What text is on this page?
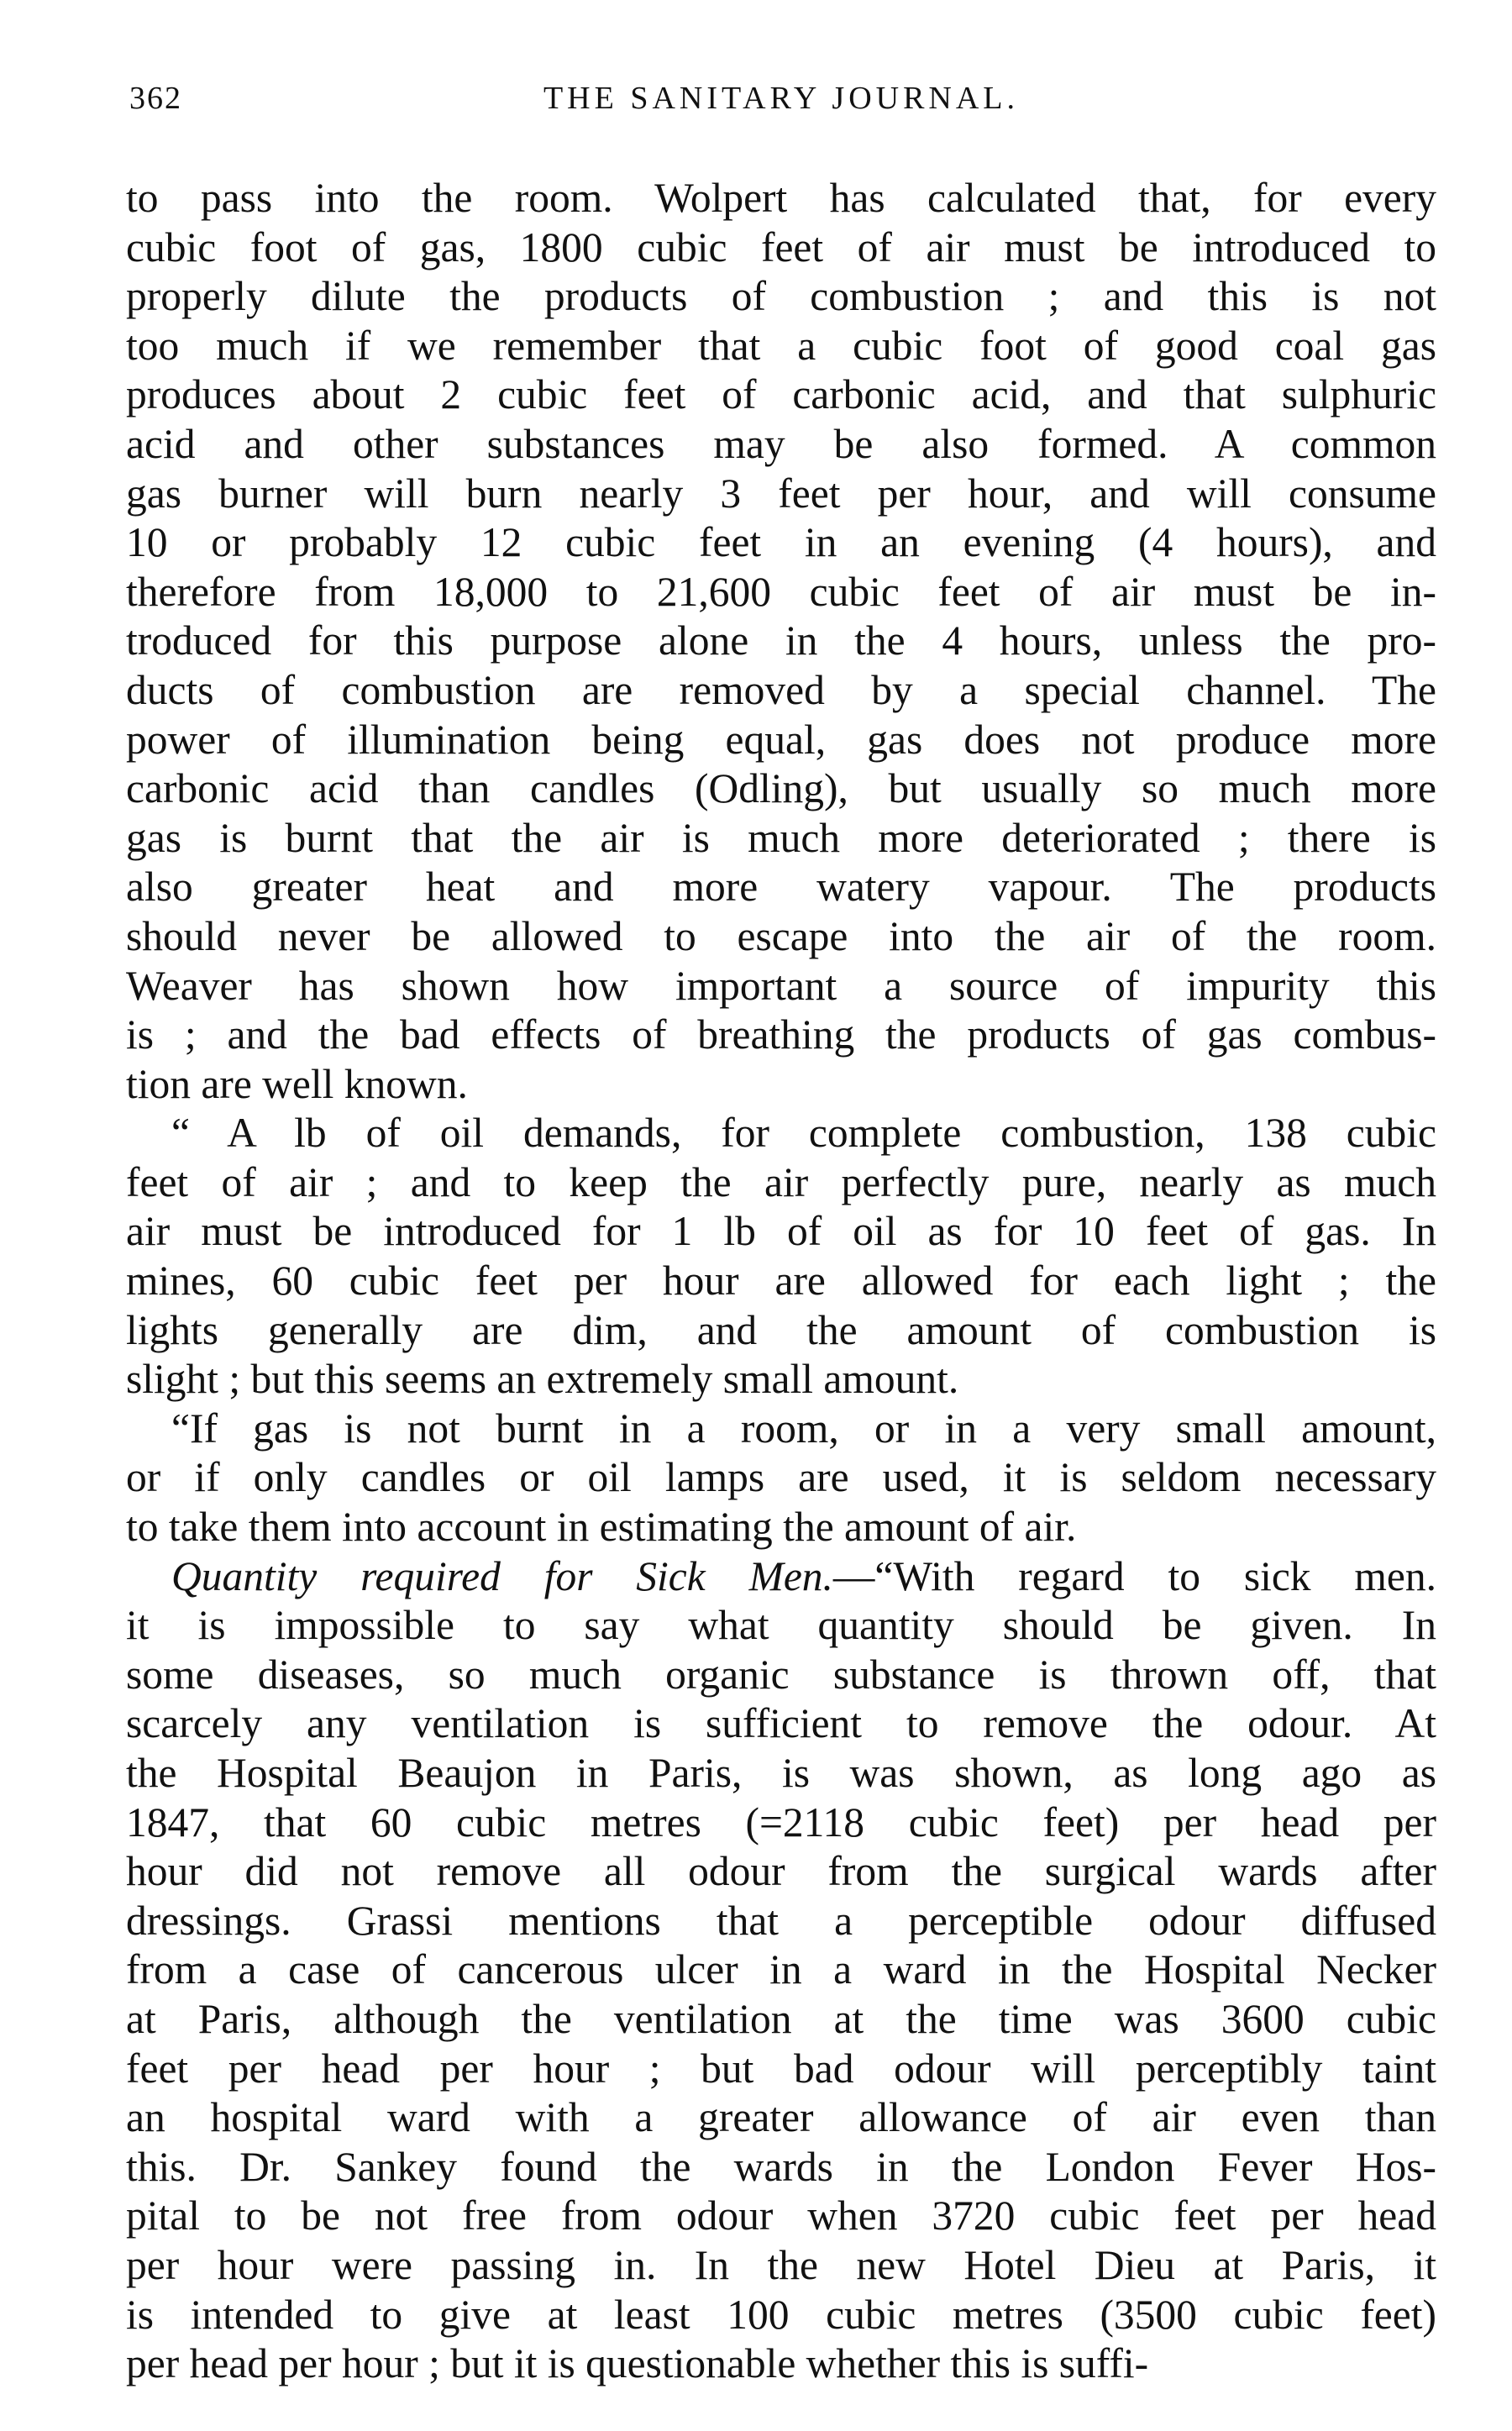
362	THE SANITARY JOURNAL.
to pass into the room. Wolpert has calculated that, for every
cubic foot of gas, 1800 cubic feet of air must be introduced to
properly dilute the products of combustion ; and this is not
too much if we remember that a cubic foot of good coal gas
produces about 2 cubic feet of carbonic acid, and that sulphuric
acid and other substances may be also formed. A common
gas burner will burn nearly 3 feet per hour, and will consume
10 or probably 12 cubic feet in an evening (4 hours), and
therefore from 18,000 to 21,600 cubic feet of air must be in-
troduced for this purpose alone in the 4 hours, unless the pro-
ducts of combustion are removed by a special channel. The
power of illumination being equal, gas does not produce more
carbonic acid than candles (Odling), but usually so much more
gas is burnt that the air is much more deteriorated ; there is
also greater heat and more watery vapour. The products
should never be allowed to escape into the air of the room.
Weaver has shown how important a source of impurity this
is ; and the bad effects of breathing the products of gas combus-
tion are well known.
“ A lb of oil demands, for complete combustion, 138 cubic
feet of air ; and to keep the air perfectly pure, nearly as much
air must be introduced for 1 lb of oil as for 10 feet of gas. In
mines, 60 cubic feet per hour are allowed for each light ; the
lights generally are dim, and the amount of combustion is
slight ; but this seems an extremely small amount.
“If gas is not burnt in a room, or in a very small amount,
or if only candles or oil lamps are used, it is seldom necessary
to take them into account in estimating the amount of air.
Quantity required for Sick Men.—“With regard to sick men.
it is impossible to say what quantity should be given. In
some diseases, so much organic substance is thrown off, that
scarcely any ventilation is sufficient to remove the odour. At
the Hospital Beaujon in Paris, is was shown, as long ago as
1847, that 60 cubic metres (=2118 cubic feet) per head per
hour did not remove all odour from the surgical wards after
dressings. Grassi mentions that a perceptible odour diffused
from a case of cancerous ulcer in a ward in the Hospital Necker
at Paris, although the ventilation at the time was 3600 cubic
feet per head per hour ; but bad odour will perceptibly taint
an hospital ward with a greater allowance of air even than
this. Dr. Sankey found the wards in the London Fever Hos-
pital to be not free from odour when 3720 cubic feet per head
per hour were passing in. In the new Hotel Dieu at Paris, it
is intended to give at least 100 cubic metres (3500 cubic feet)
per head per hour ; but it is questionable whether this is suffi-
